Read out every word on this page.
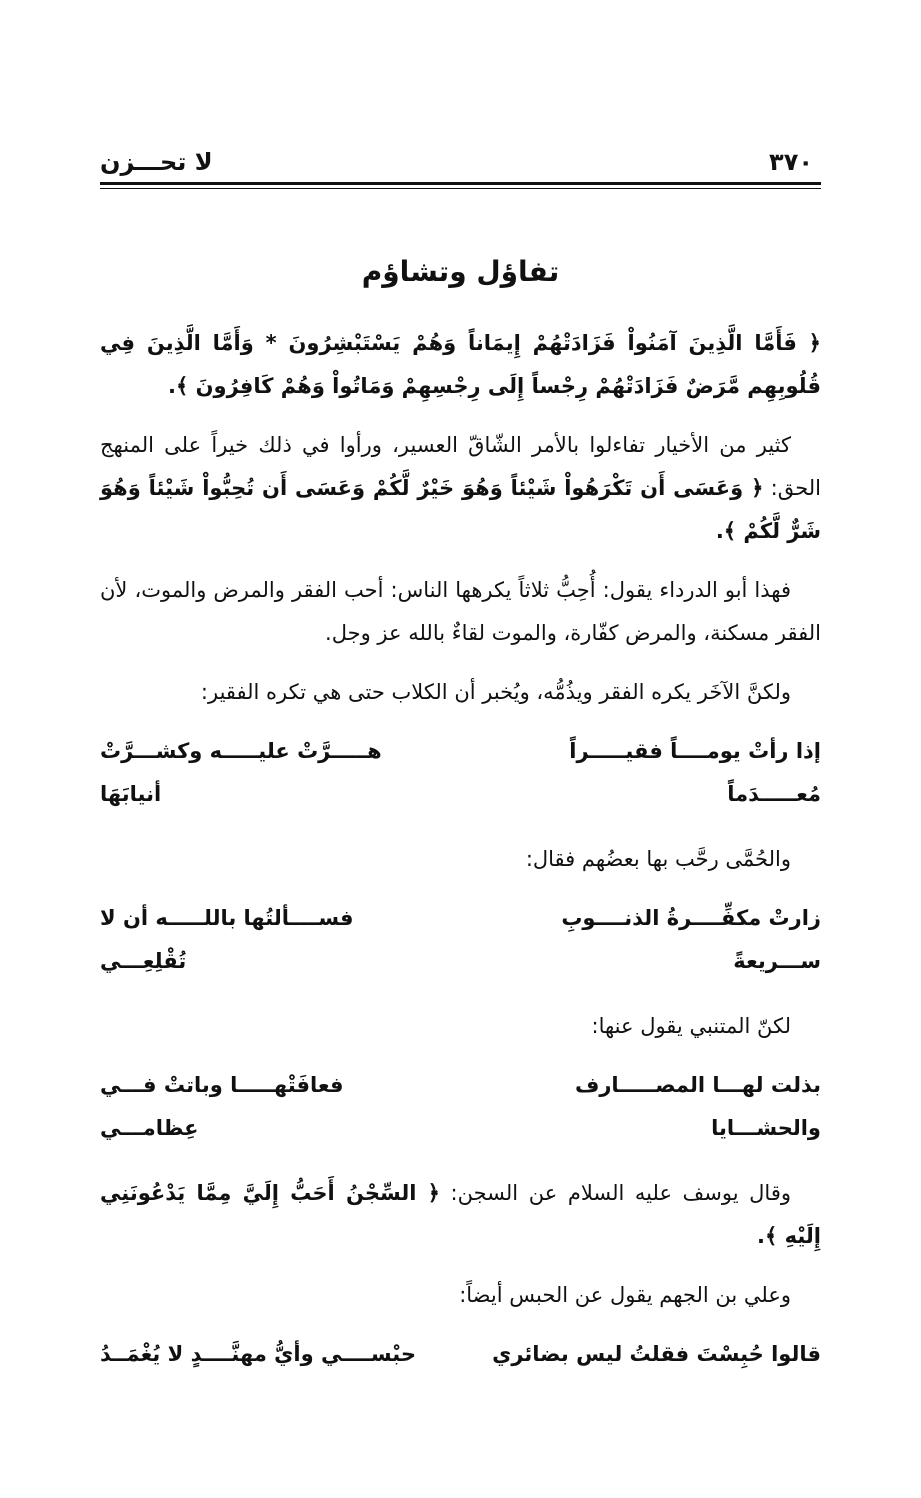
٣٧٠
لا تحـــزن
تفاؤل وتشاؤم

﴿ فَأَمَّا الَّذِينَ آمَنُواْ فَزَادَتْهُمْ إِيمَاناً وَهُمْ يَسْتَبْشِرُونَ * وَأَمَّا الَّذِينَ فِي قُلُوبِهِم مَّرَضٌ فَزَادَتْهُمْ رِجْساً إِلَى رِجْسِهِمْ وَمَاتُواْ وَهُمْ كَافِرُونَ ﴾.

كثير من الأخيار تفاءلوا بالأمر الشّاقّ العسير، ورأوا في ذلك خيراً على المنهج الحق: ﴿ وَعَسَى أَن تَكْرَهُواْ شَيْئاً وَهُوَ خَيْرٌ لَّكُمْ وَعَسَى أَن تُحِبُّواْ شَيْئاً وَهُوَ شَرٌّ لَّكُمْ ﴾.

فهذا أبو الدرداء يقول: أُحِبُّ ثلاثاً يكرهها الناس: أحب الفقر والمرض والموت، لأن الفقر مسكنة، والمرض كفّارة، والموت لقاءٌ بالله عز وجل.

ولكنَّ الآخَر يكره الفقر ويذُمُّه، ويُخبر أن الكلاب حتى هي تكره الفقير:

إذا رأتْ يومــــاً فقيـــــراً مُعـــــدَماً
هـــــرَّتْ عليـــــه وكشـــرَّتْ أنيابَهَا

والحُمَّى رحَّب بها بعضُهم فقال:

زارتْ مكفِّــــرةُ الذنــــوبِ ســـريعةً
فســــألتُها باللـــــه أن لا تُقْلِعِـــي

لكنّ المتنبي يقول عنها:

بذلت لهـــا المصـــــارف والحشـــايا
فعافَتْهـــــا وباتتْ فـــي عِظامـــي

وقال يوسف عليه السلام عن السجن: ﴿ السِّجْنُ أَحَبُّ إِلَيَّ مِمَّا يَدْعُونَنِي إِلَيْهِ ﴾.

وعلي بن الجهم يقول عن الحبس أيضاً:

قالوا حُبِسْتَ فقلتُ ليس بضائري
حبْســــي وأيُّ مهنَّــــدٍ لا يُغْمَــدُ
